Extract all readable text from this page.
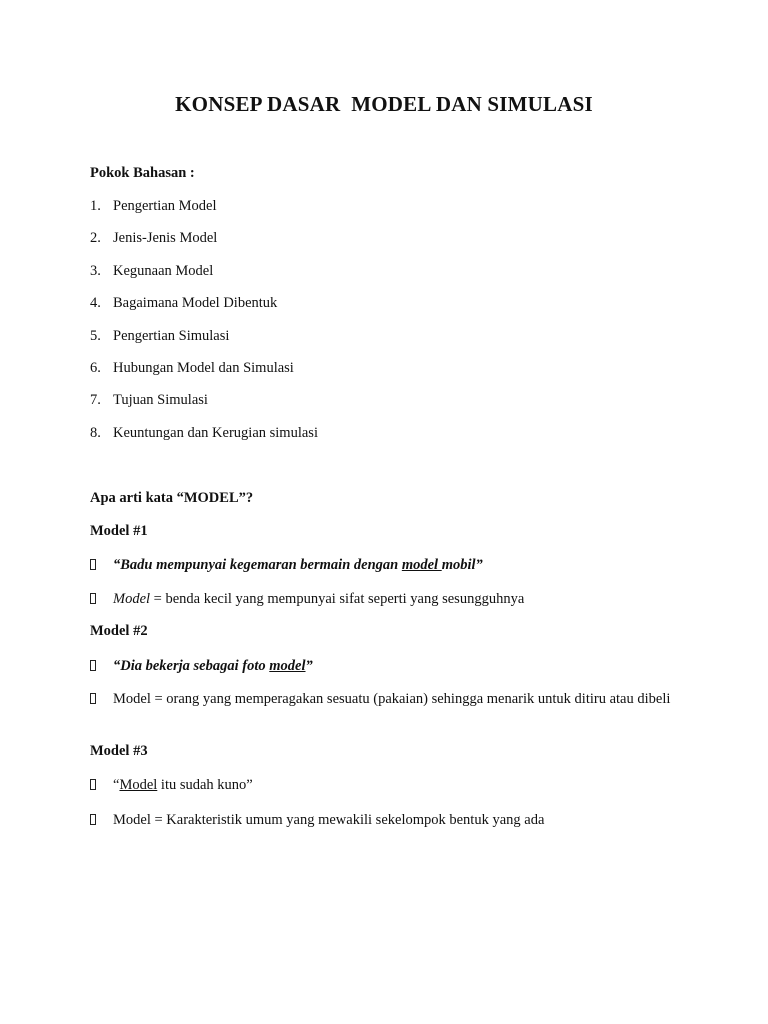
KONSEP DASAR  MODEL DAN SIMULASI
Pokok Bahasan :
1. Pengertian Model
2. Jenis-Jenis Model
3. Kegunaan Model
4. Bagaimana Model Dibentuk
5. Pengertian Simulasi
6. Hubungan Model dan Simulasi
7. Tujuan Simulasi
8. Keuntungan dan Kerugian simulasi
Apa arti kata “MODEL”?
Model #1
“Badu mempunyai kegemaran bermain dengan model mobil”
Model = benda kecil yang mempunyai sifat seperti yang sesungguhnya
Model #2
“Dia bekerja sebagai foto model”
Model = orang yang memperagakan sesuatu (pakaian) sehingga menarik untuk ditiru atau dibeli
Model #3
“Model itu sudah kuno”
Model = Karakteristik umum yang mewakili sekelompok bentuk yang ada
